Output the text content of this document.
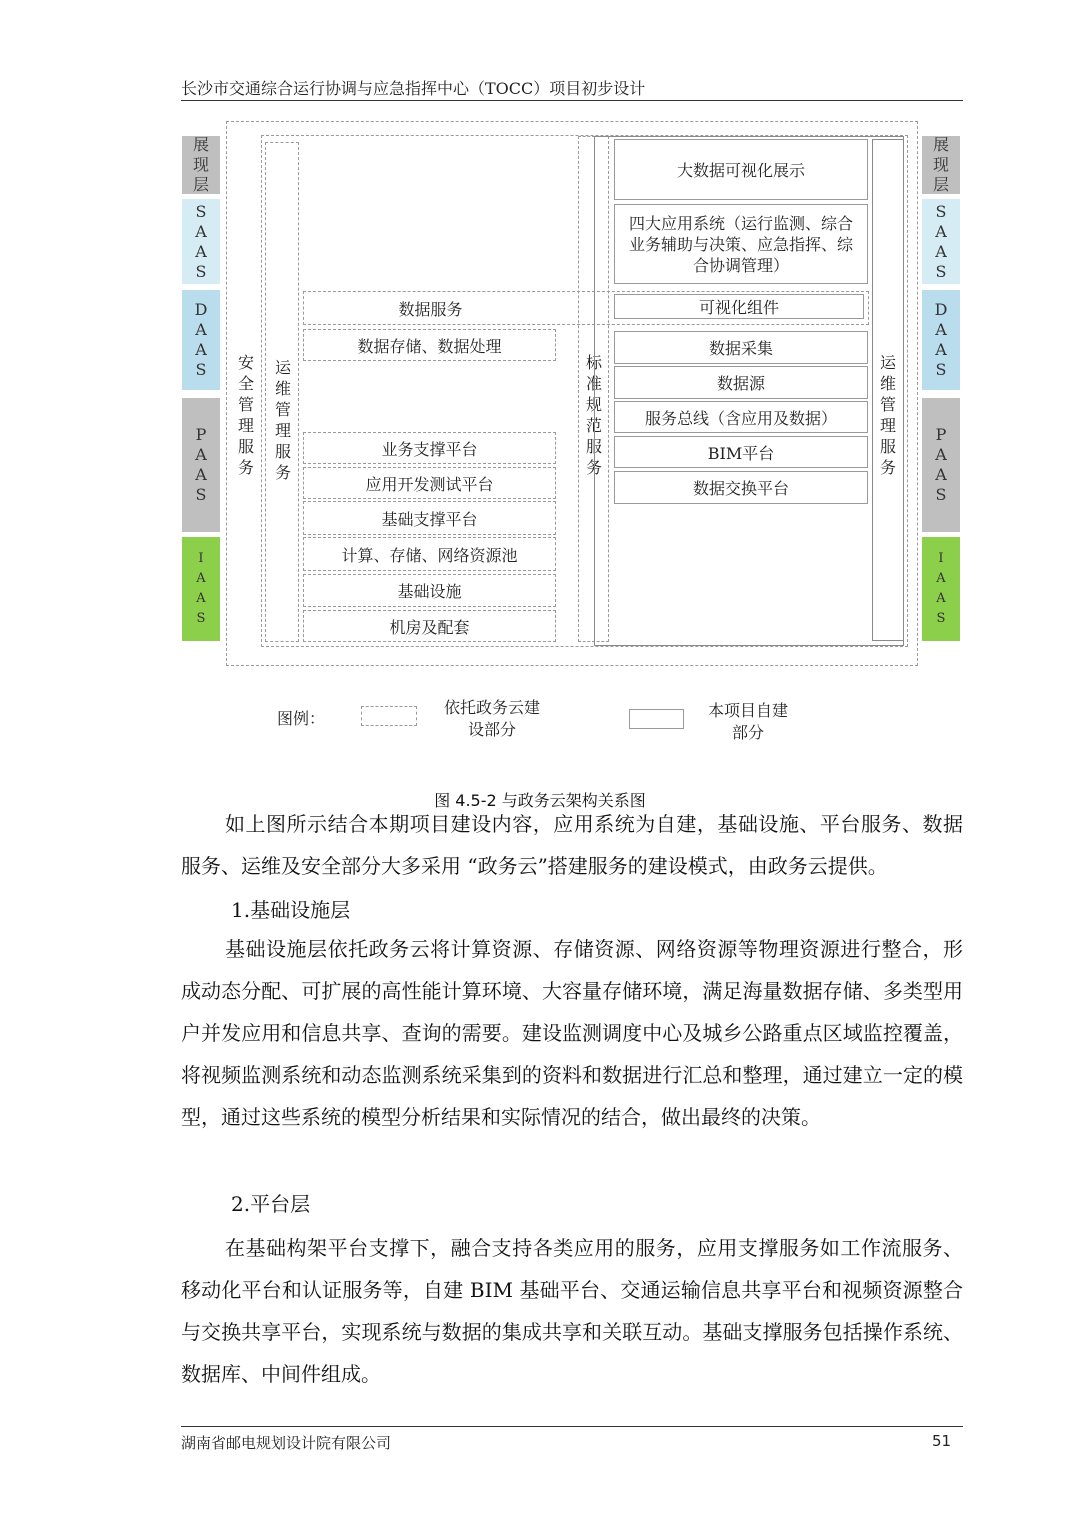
长沙市交通综合运行协调与应急指挥中心（TOCC）项目初步设计
展
现
层
S
A
A
S
D
A
A
S
P
A
A
S
I
A
A
S
展
现
层
S
A
A
S
D
A
A
S
P
A
A
S
I
A
A
S
安
全
管
理
服
务
运
维
管
理
服
务
数据服务
数据存储、数据处理
业务支撑平台
应用开发测试平台
基础支撑平台
计算、存储、网络资源池
基础设施
机房及配套
标
准
规
范
服
务
大数据可视化展示
四大应用系统（运行监测、综合业务辅助与决策、应急指挥、综合协调管理）
可视化组件
数据采集
数据源
服务总线（含应用及数据）
BIM平台
数据交换平台
运
维
管
理
服
务
图例：
依托政务云建
设部分
本项目自建
部分
图 4.5-2 与政务云架构关系图
如上图所示结合本期项目建设内容，应用系统为自建，基础设施、平台服务、数据服务、运维及安全部分大多采用 “政务云”搭建服务的建设模式，由政务云提供。
1.基础设施层
基础设施层依托政务云将计算资源、存储资源、网络资源等物理资源进行整合，形成动态分配、可扩展的高性能计算环境、大容量存储环境，满足海量数据存储、多类型用户并发应用和信息共享、查询的需要。建设监测调度中心及城乡公路重点区域监控覆盖，将视频监测系统和动态监测系统采集到的资料和数据进行汇总和整理，通过建立一定的模型，通过这些系统的模型分析结果和实际情况的结合，做出最终的决策。
2.平台层
在基础构架平台支撑下，融合支持各类应用的服务，应用支撑服务如工作流服务、移动化平台和认证服务等，自建 BIM 基础平台、交通运输信息共享平台和视频资源整合与交换共享平台，实现系统与数据的集成共享和关联互动。基础支撑服务包括操作系统、数据库、中间件组成。
湖南省邮电规划设计院有限公司	51
